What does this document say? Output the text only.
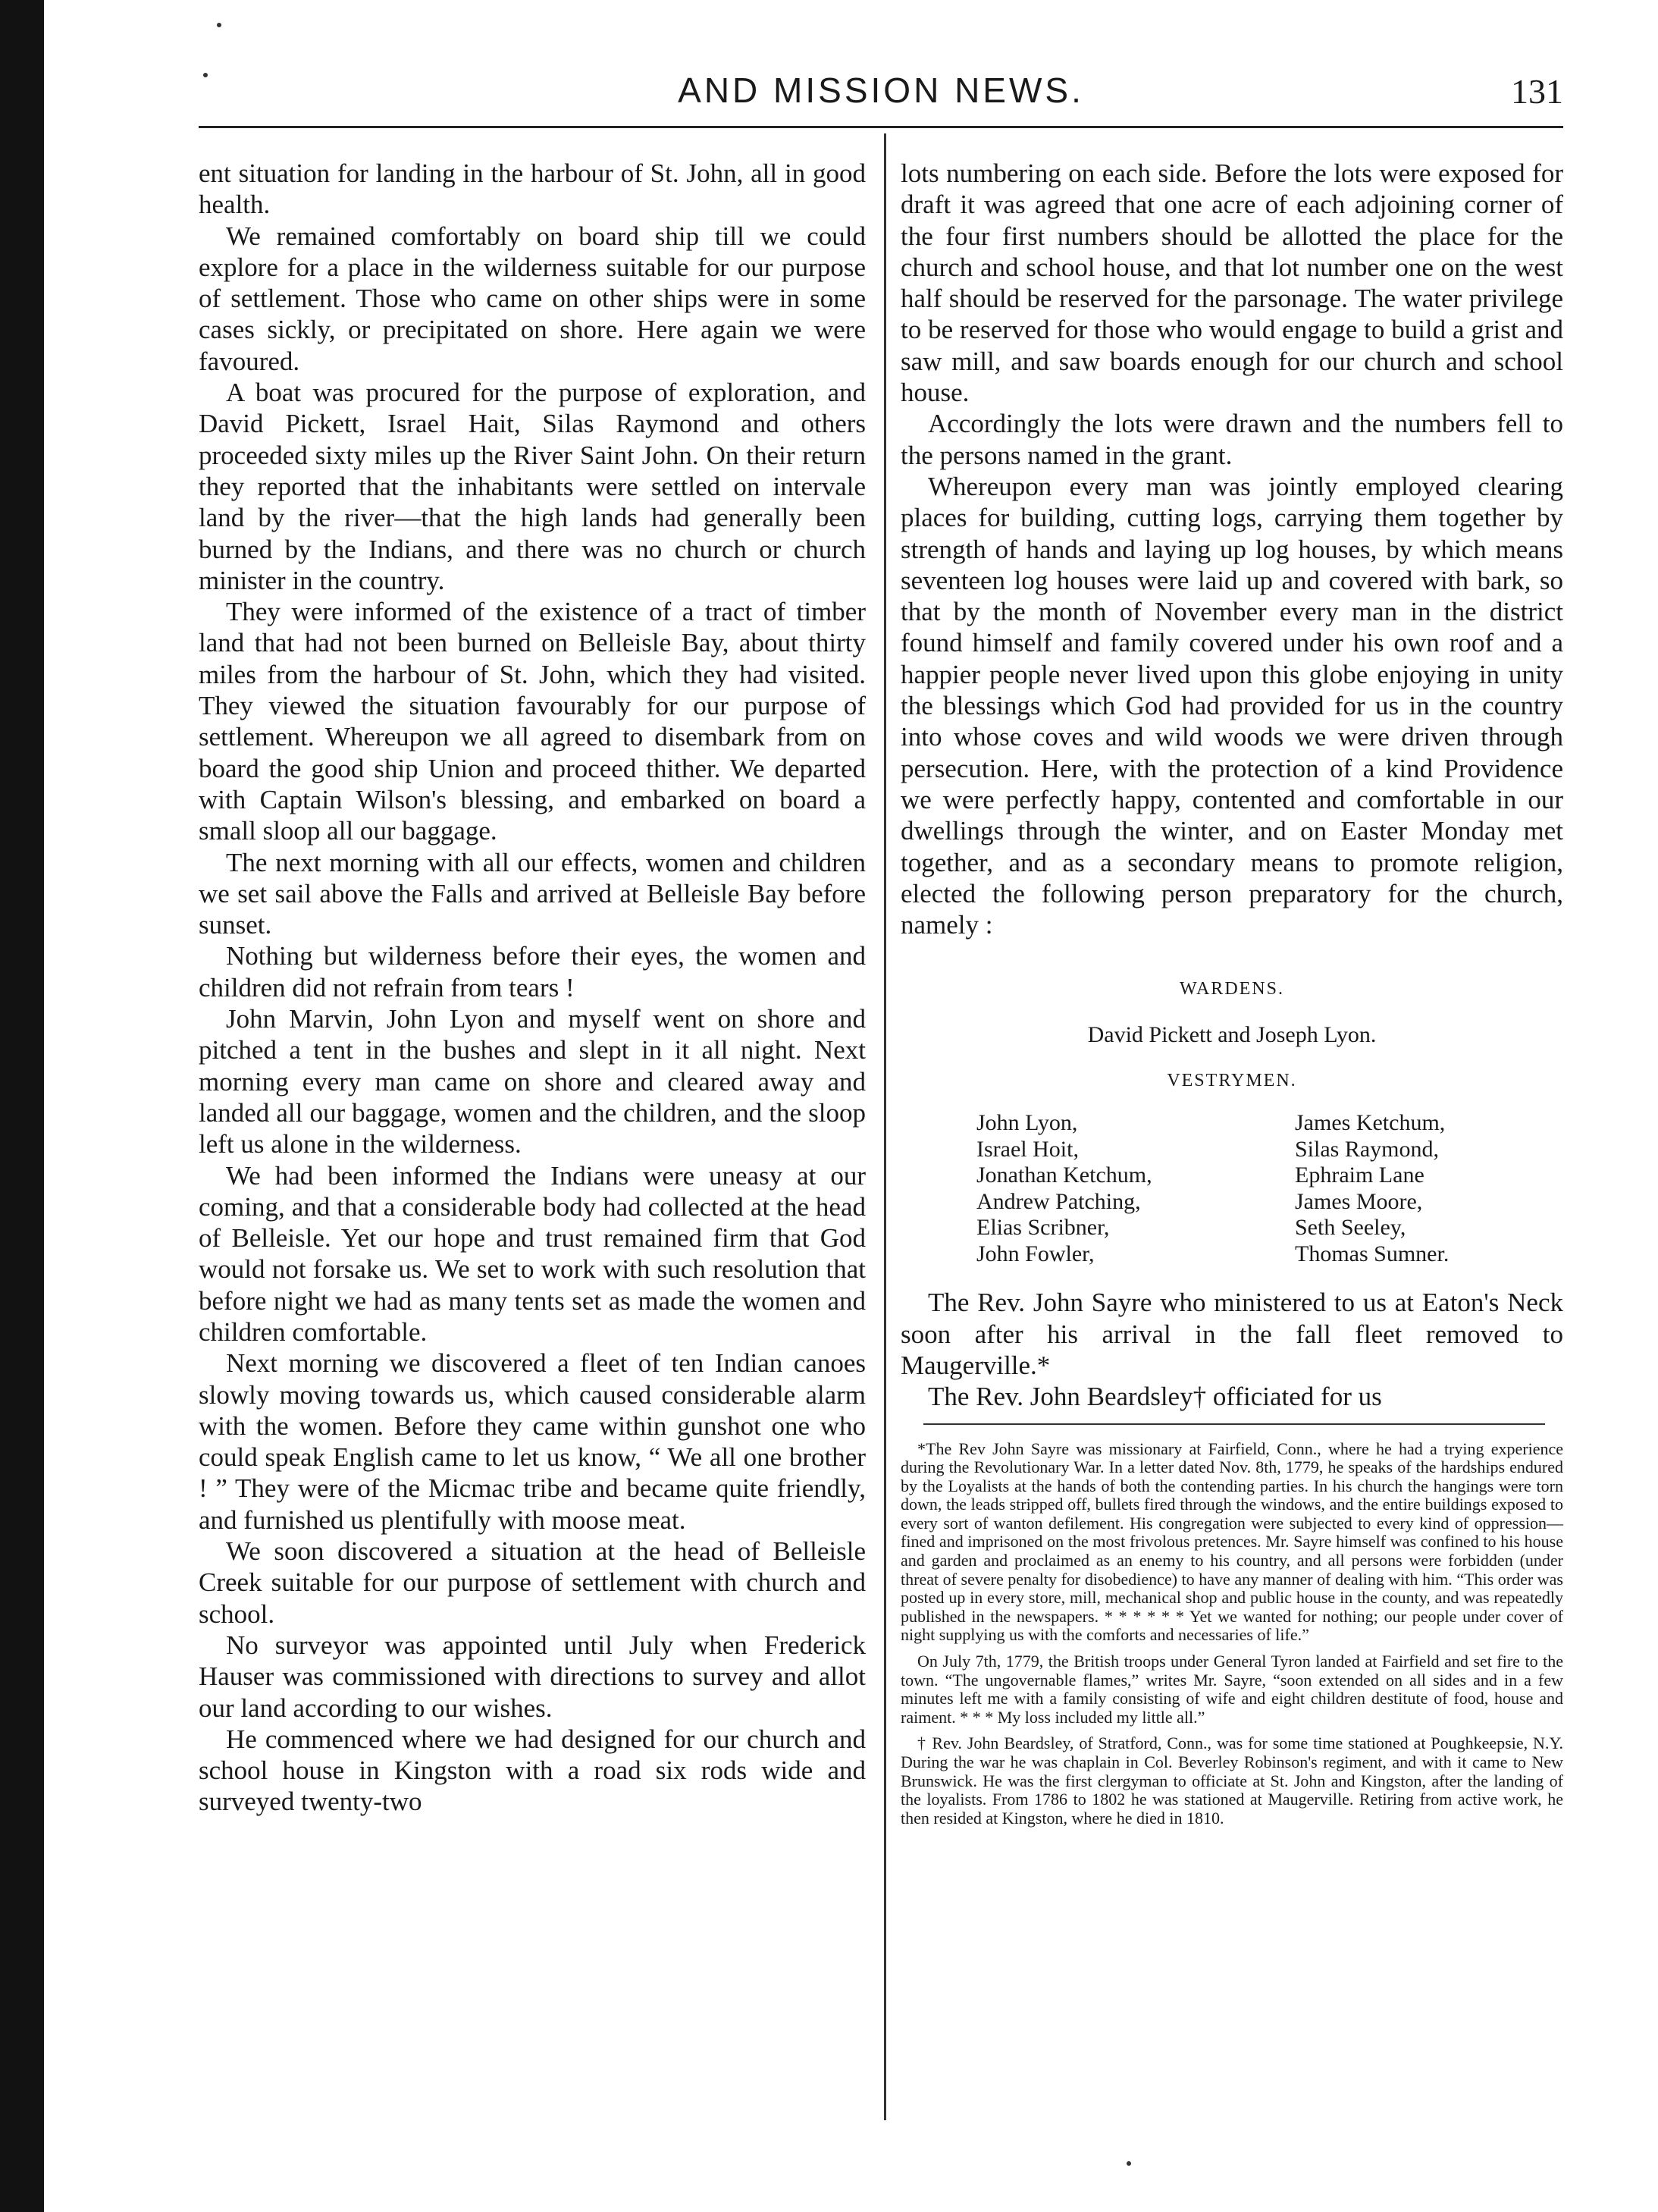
AND MISSION NEWS.	131

ent situation for landing in the harbour of St. John, all in good health.

We remained comfortably on board ship till we could explore for a place in the wilderness suitable for our purpose of settlement. Those who came on other ships were in some cases sickly, or precipitated on shore. Here again we were favoured.

A boat was procured for the purpose of exploration, and David Pickett, Israel Hait, Silas Raymond and others proceeded sixty miles up the River Saint John. On their return they reported that the inhabitants were settled on intervale land by the river—that the high lands had generally been burned by the Indians, and there was no church or church minister in the country.

They were informed of the existence of a tract of timber land that had not been burned on Belleisle Bay, about thirty miles from the harbour of St. John, which they had visited. They viewed the situation favourably for our purpose of settlement. Whereupon we all agreed to disembark from on board the good ship Union and proceed thither. We departed with Captain Wilson's blessing, and embarked on board a small sloop all our baggage.

The next morning with all our effects, women and children we set sail above the Falls and arrived at Belleisle Bay before sunset.

Nothing but wilderness before their eyes, the women and children did not refrain from tears !

John Marvin, John Lyon and myself went on shore and pitched a tent in the bushes and slept in it all night. Next morning every man came on shore and cleared away and landed all our baggage, women and the children, and the sloop left us alone in the wilderness.

We had been informed the Indians were uneasy at our coming, and that a considerable body had collected at the head of Belleisle. Yet our hope and trust remained firm that God would not forsake us. We set to work with such resolution that before night we had as many tents set as made the women and children comfortable.

Next morning we discovered a fleet of ten Indian canoes slowly moving towards us, which caused considerable alarm with the women. Before they came within gunshot one who could speak English came to let us know, “ We all one brother ! ” They were of the Micmac tribe and became quite friendly, and furnished us plentifully with moose meat.

We soon discovered a situation at the head of Belleisle Creek suitable for our purpose of settlement with church and school.

No surveyor was appointed until July when Frederick Hauser was commissioned with directions to survey and allot our land according to our wishes.

He commenced where we had designed for our church and school house in Kingston with a road six rods wide and surveyed twenty-two

lots numbering on each side. Before the lots were exposed for draft it was agreed that one acre of each adjoining corner of the four first numbers should be allotted the place for the church and school house, and that lot number one on the west half should be reserved for the parsonage. The water privilege to be reserved for those who would engage to build a grist and saw mill, and saw boards enough for our church and school house.

Accordingly the lots were drawn and the numbers fell to the persons named in the grant.

Whereupon every man was jointly employed clearing places for building, cutting logs, carrying them together by strength of hands and laying up log houses, by which means seventeen log houses were laid up and covered with bark, so that by the month of November every man in the district found himself and family covered under his own roof and a happier people never lived upon this globe enjoying in unity the blessings which God had provided for us in the country into whose coves and wild woods we were driven through persecution. Here, with the protection of a kind Providence we were perfectly happy, contented and comfortable in our dwellings through the winter, and on Easter Monday met together, and as a secondary means to promote religion, elected the following person preparatory for the church, namely :

WARDENS.

David Pickett and Joseph Lyon.

VESTRYMEN.
John Lyon,	James Ketchum,
Israel Hoit,	Silas Raymond,
Jonathan Ketchum,	Ephraim Lane
Andrew Patching,	James Moore,
Elias Scribner,	Seth Seeley,
John Fowler,	Thomas Sumner.

The Rev. John Sayre who ministered to us at Eaton's Neck soon after his arrival in the fall fleet removed to Maugerville.*

The Rev. John Beardsley† officiated for us

*The Rev John Sayre was missionary at Fairfield, Conn., where he had a trying experience during the Revolutionary War. In a letter dated Nov. 8th, 1779, he speaks of the hardships endured by the Loyalists at the hands of both the contending parties. In his church the hangings were torn down, the leads stripped off, bullets fired through the windows, and the entire buildings exposed to every sort of wanton defilement. His congregation were subjected to every kind of oppression—fined and imprisoned on the most frivolous pretences. Mr. Sayre himself was confined to his house and garden and proclaimed as an enemy to his country, and all persons were forbidden (under threat of severe penalty for disobedience) to have any manner of dealing with him. “This order was posted up in every store, mill, mechanical shop and public house in the county, and was repeatedly published in the newspapers. * * * * * * Yet we wanted for nothing; our people under cover of night supplying us with the comforts and necessaries of life.”

On July 7th, 1779, the British troops under General Tyron landed at Fairfield and set fire to the town. “The ungovernable flames,” writes Mr. Sayre, “soon extended on all sides and in a few minutes left me with a family consisting of wife and eight children destitute of food, house and raiment. * * * My loss included my little all.”

† Rev. John Beardsley, of Stratford, Conn., was for some time stationed at Poughkeepsie, N.Y. During the war he was chaplain in Col. Beverley Robinson's regiment, and with it came to New Brunswick. He was the first clergyman to officiate at St. John and Kingston, after the landing of the loyalists. From 1786 to 1802 he was stationed at Maugerville. Retiring from active work, he then resided at Kingston, where he died in 1810.
